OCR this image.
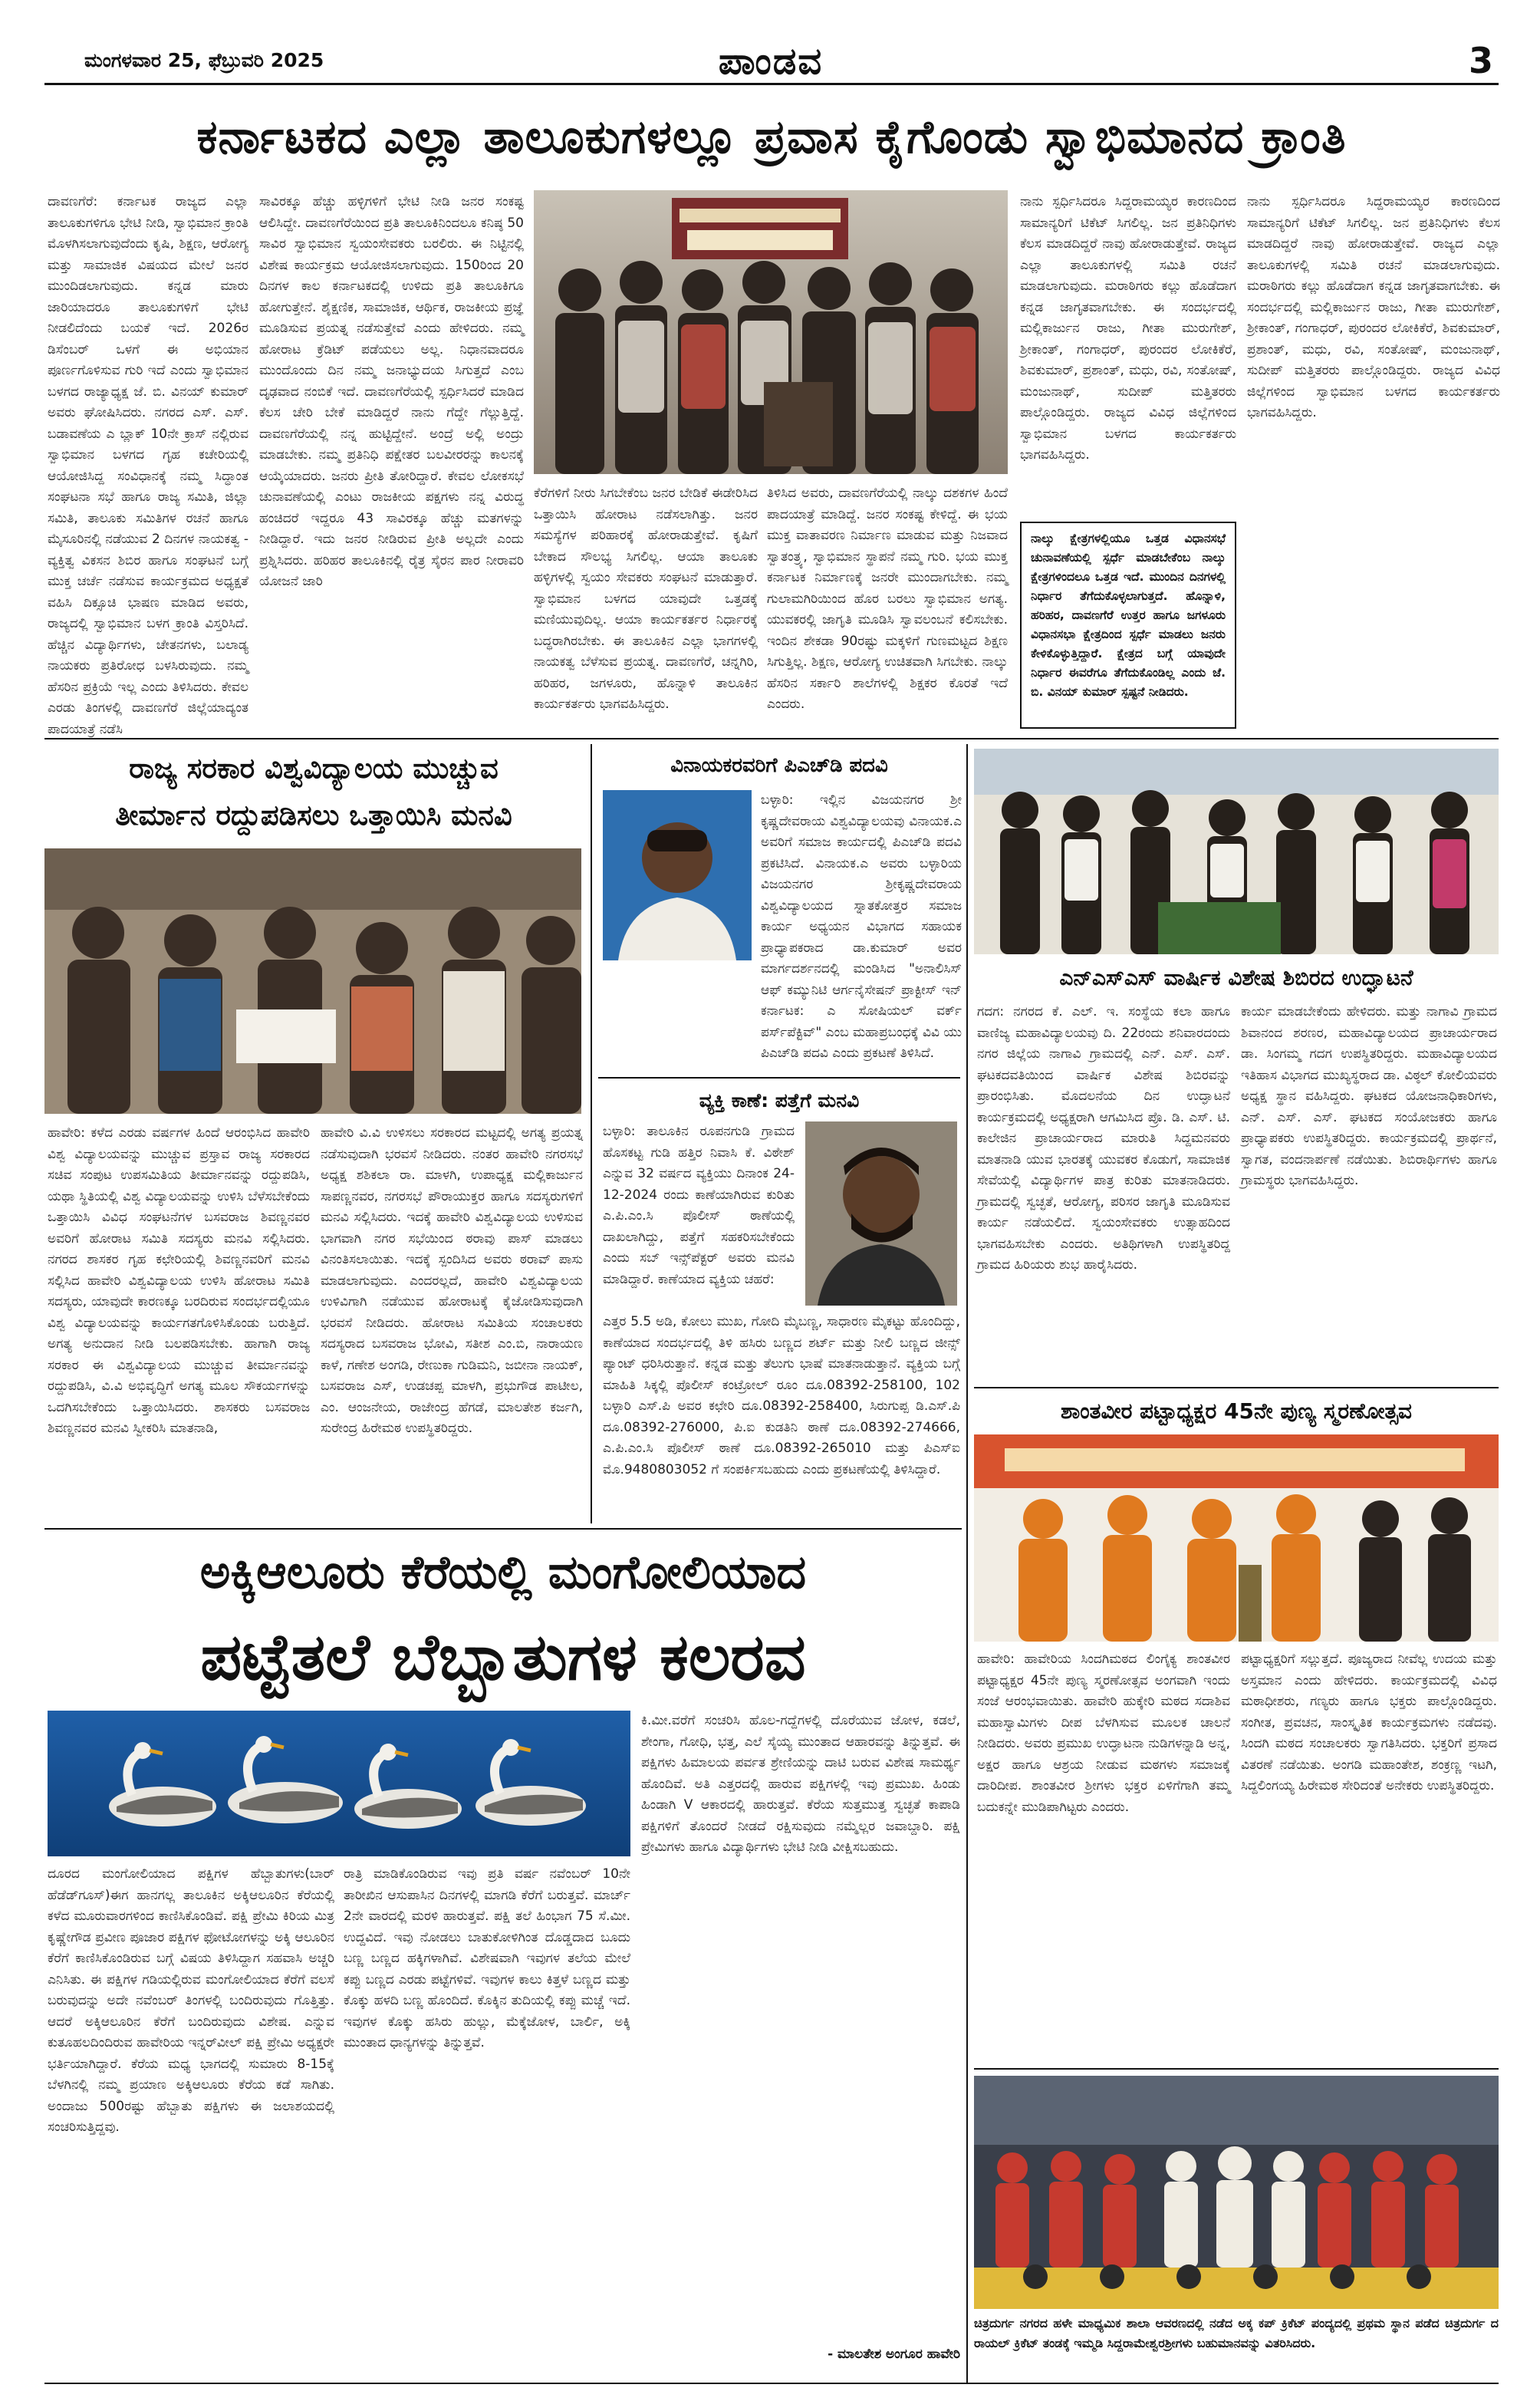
ಮಂಗಳವಾರ 25, ಫೆಬ್ರುವರಿ 2025	ಪಾಂಡವ	3
ಕರ್ನಾಟಕದ ಎಲ್ಲಾ ತಾಲೂಕುಗಳಲ್ಲೂ ಪ್ರವಾಸ ಕೈಗೊಂಡು ಸ್ವಾಭಿಮಾನದ ಕ್ರಾಂತಿ
ದಾವಣಗೆರೆ: ಕರ್ನಾಟಕ ರಾಜ್ಯದ ಎಲ್ಲಾ ತಾಲೂಕುಗಳಿಗೂ ಭೇಟಿ ನೀಡಿ, ಸ್ವಾಭಿಮಾನ ಕ್ರಾಂತಿ ಮೊಳಗಿಸಲಾಗುವುದೆಂದು ಕೃಷಿ, ಶಿಕ್ಷಣ, ಆರೋಗ್ಯ ಮತ್ತು ಸಾಮಾಜಿಕ ವಿಷಯದ ಮೇಲೆ ಜನರ ಮುಂದಿಡಲಾಗುವುದು. ಕನ್ನಡ ಮಾರು ಜಾರಿಯಾದರೂ ತಾಲೂಕುಗಳಿಗೆ ಭೇಟಿ ನೀಡಲಿದೆಂದು ಬಯಕೆ ಇದೆ. 2026ರ ಡಿಸೆಂಬರ್ ಒಳಗೆ ಈ ಅಭಿಯಾನ ಪೂರ್ಣಗೊಳಿಸುವ ಗುರಿ ಇದೆ ಎಂದು ಸ್ವಾಭಿಮಾನ ಬಳಗದ ರಾಜ್ಯಾಧ್ಯಕ್ಷ ಜೆ. ಬಿ. ವಿನಯ್ ಕುಮಾರ್ ಅವರು ಘೋಷಿಸಿದರು. ನಗರದ ಎಸ್. ಎಸ್. ಬಡಾವಣೆಯ ಎ ಬ್ಲಾಕ್ 10ನೇ ಕ್ರಾಸ್ ನಲ್ಲಿರುವ ಸ್ವಾಭಿಮಾನ ಬಳಗದ ಗೃಹ ಕಚೇರಿಯಲ್ಲಿ ಆಯೋಜಿಸಿದ್ದ ಸಂವಿಧಾನಕ್ಕೆ ನಮ್ಮ ಸಿದ್ಧಾಂತ ಸಂಘಟನಾ ಸಭೆ ಹಾಗೂ ರಾಜ್ಯ ಸಮಿತಿ, ಜಿಲ್ಲಾ ಸಮಿತಿ, ತಾಲೂಕು ಸಮಿತಿಗಳ ರಚನೆ ಹಾಗೂ ಮೈಸೂರಿನಲ್ಲಿ ನಡೆಯುವ 2 ದಿನಗಳ ನಾಯಕತ್ವ - ವ್ಯಕ್ತಿತ್ವ ವಿಕಸನ ಶಿಬಿರ ಹಾಗೂ ಸಂಘಟನೆ ಬಗ್ಗೆ ಮುಕ್ತ ಚರ್ಚೆ ನಡೆಸುವ ಕಾರ್ಯಕ್ರಮದ ಅಧ್ಯಕ್ಷತೆ ವಹಿಸಿ ದಿಕ್ಸೂಚಿ ಭಾಷಣ ಮಾಡಿದ ಅವರು, ರಾಜ್ಯದಲ್ಲಿ ಸ್ವಾಭಿಮಾನ ಬಳಗ ಕ್ರಾಂತಿ ವಿಸ್ತರಿಸಿದೆ. ಹೆಚ್ಚಿನ ವಿದ್ಯಾರ್ಥಿಗಳು, ಚೇತನಗಳು, ಬಲಾಡ್ಯ ನಾಯಕರು ಪ್ರತಿರೋಧ ಬಳಸಿರುವುದು. ನಮ್ಮ ಹೆಸರಿನ ಪ್ರಕ್ರಿಯೆ ಇಲ್ಲ ಎಂದು ತಿಳಿಸಿದರು. ಕೇವಲ ಎರಡು ತಿಂಗಳಲ್ಲಿ ದಾವಣಗೆರೆ ಜಿಲ್ಲೆಯಾದ್ಯಂತ ಪಾದಯಾತ್ರೆ ನಡೆಸಿ
ಸಾವಿರಕ್ಕೂ ಹೆಚ್ಚು ಹಳ್ಳಿಗಳಿಗೆ ಭೇಟಿ ನೀಡಿ ಜನರ ಸಂಕಷ್ಟ ಆಲಿಸಿದ್ದೇ. ದಾವಣಗೆರೆಯಿಂದ ಪ್ರತಿ ತಾಲೂಕಿನಿಂದಲೂ ಕನಿಷ್ಠ 50 ಸಾವಿರ ಸ್ವಾಭಿಮಾನ ಸ್ವಯಂಸೇವಕರು ಬರಲಿರು. ಈ ನಿಟ್ಟಿನಲ್ಲಿ ವಿಶೇಷ ಕಾರ್ಯಕ್ರಮ ಆಯೋಜಿಸಲಾಗುವುದು. 150ರಿಂದ 20 ದಿನಗಳ ಕಾಲ ಕರ್ನಾಟಕದಲ್ಲಿ ಉಳಿದು ಪ್ರತಿ ತಾಲೂಕಿಗೂ ಹೋಗುತ್ತೇನೆ. ಶೈಕ್ಷಣಿಕ, ಸಾಮಾಜಿಕ, ಆರ್ಥಿಕ, ರಾಜಕೀಯ ಪ್ರಜ್ಞೆ ಮೂಡಿಸುವ ಪ್ರಯತ್ನ ನಡೆಸುತ್ತೇವೆ ಎಂದು ಹೇಳಿದರು. ನಮ್ಮ ಹೋರಾಟ ಕ್ರೆಡಿಟ್ ಪಡೆಯಲು ಅಲ್ಲ. ನಿಧಾನವಾದರೂ ಮುಂದೊಂದು ದಿನ ನಮ್ಮ ಜನಾಭ್ಯುದಯ ಸಿಗುತ್ತದೆ ಎಂಬ ದೃಢವಾದ ನಂಬಿಕೆ ಇದೆ. ದಾವಣಗೆರೆಯಲ್ಲಿ ಸ್ಪರ್ಧಿಸಿದರೆ ಮಾಡಿದ ಕೆಲಸ ಚೇರಿ ಬೇಕೆ ಮಾಡಿದ್ದರೆ ನಾನು ಗೆದ್ದೇ ಗೆಲ್ಲುತ್ತಿದ್ದೆ. ದಾವಣಗೆರೆಯಲ್ಲಿ ನನ್ನ ಹುಟ್ಟಿದ್ದೇನೆ. ಅಂದ್ರೆ ಅಲ್ಲಿ ಅಂದ್ರು ಮಾಡಬೇಕು. ನಮ್ಮ ಪ್ರತಿನಿಧಿ ಪಕ್ಷೇತರ ಬಲವೀರರನ್ನು ಕಾಲನಕ್ಕೆ ಆಯ್ಕೆಯಾದರು. ಜನರು ಪ್ರೀತಿ ತೋರಿದ್ದಾರೆ. ಕೇವಲ ಲೋಕಸಭೆ ಚುನಾವಣೆಯಲ್ಲಿ ಎಂಟು ರಾಜಕೀಯ ಪಕ್ಷಗಳು ನನ್ನ ವಿರುದ್ಧ ಹಂಚಿದರೆ ಇದ್ದರೂ 43 ಸಾವಿರಕ್ಕೂ ಹೆಚ್ಚು ಮತಗಳನ್ನು ನೀಡಿದ್ದಾರೆ. ಇದು ಜನರ ನೀಡಿರುವ ಪ್ರೀತಿ ಅಲ್ಲದೇ ಎಂದು ಪ್ರಶ್ನಿಸಿದರು. ಹರಿಹರ ತಾಲೂಕಿನಲ್ಲಿ ರೈತ್ರ ಸೈರನ ಪಾರ ನೀರಾವರಿ ಯೋಜನೆ ಜಾರಿ
ಕೆರೆಗಳಿಗೆ ನೀರು ಸಿಗಬೇಕೆಂಬ ಜನರ ಬೇಡಿಕೆ ಈಡೇರಿಸಿದ ಒತ್ತಾಯಿಸಿ ಹೋರಾಟ ನಡೆಸಲಾಗಿತ್ತು. ಜನರ ಸಮಸ್ಯೆಗಳ ಪರಿಹಾರಕ್ಕೆ ಹೋರಾಡುತ್ತೇವೆ. ಕೃಷಿಗೆ ಬೇಕಾದ ಸೌಲಭ್ಯ ಸಿಗಲಿಲ್ಲ. ಆಯಾ ತಾಲೂಕು ಹಳ್ಳಿಗಳಲ್ಲಿ ಸ್ವಯಂ ಸೇವಕರು ಸಂಘಟನೆ ಮಾಡುತ್ತಾರೆ. ಸ್ವಾಭಿಮಾನ ಬಳಗದ ಯಾವುದೇ ಒತ್ತಡಕ್ಕೆ ಮಣಿಯುವುದಿಲ್ಲ. ಆಯಾ ಕಾರ್ಯಕರ್ತರ ನಿರ್ಧಾರಕ್ಕೆ ಬದ್ಧರಾಗಿರಬೇಕು. ಈ ತಾಲೂಕಿನ ಎಲ್ಲಾ ಭಾಗಗಳಲ್ಲಿ ನಾಯಕತ್ವ ಬೆಳೆಸುವ ಪ್ರಯತ್ನ. ದಾವಣಗೆರೆ, ಚನ್ನಗಿರಿ, ಹರಿಹರ, ಜಗಳೂರು, ಹೊನ್ನಾಳಿ ತಾಲೂಕಿನ ಕಾರ್ಯಕರ್ತರು ಭಾಗವಹಿಸಿದ್ದರು.
ತಿಳಿಸಿದ ಅವರು, ದಾವಣಗೆರೆಯಲ್ಲಿ ನಾಲ್ಕು ದಶಕಗಳ ಹಿಂದೆ ಪಾದಯಾತ್ರೆ ಮಾಡಿದ್ದೆ. ಜನರ ಸಂಕಷ್ಟ ಕೇಳಿದ್ದೆ. ಈ ಭಯ ಮುಕ್ತ ವಾತಾವರಣ ನಿರ್ಮಾಣ ಮಾಡುವ ಮತ್ತು ನಿಜವಾದ ಸ್ವಾತಂತ್ರ್ಯ, ಸ್ವಾಭಿಮಾನ ಸ್ಥಾಪನೆ ನಮ್ಮ ಗುರಿ. ಭಯ ಮುಕ್ತ ಕರ್ನಾಟಕ ನಿರ್ಮಾಣಕ್ಕೆ ಜನರೇ ಮುಂದಾಗಬೇಕು. ನಮ್ಮ ಗುಲಾಮಗಿರಿಯಿಂದ ಹೊರ ಬರಲು ಸ್ವಾಭಿಮಾನ ಅಗತ್ಯ. ಯುವಕರಲ್ಲಿ ಜಾಗೃತಿ ಮೂಡಿಸಿ ಸ್ವಾವಲಂಬನೆ ಕಲಿಸಬೇಕು. ಇಂದಿನ ಶೇಕಡಾ 90ರಷ್ಟು ಮಕ್ಕಳಿಗೆ ಗುಣಮಟ್ಟದ ಶಿಕ್ಷಣ ಸಿಗುತ್ತಿಲ್ಲ. ಶಿಕ್ಷಣ, ಆರೋಗ್ಯ ಉಚಿತವಾಗಿ ಸಿಗಬೇಕು. ನಾಲ್ಕು ಹೆಸರಿನ ಸರ್ಕಾರಿ ಶಾಲೆಗಳಲ್ಲಿ ಶಿಕ್ಷಕರ ಕೊರತೆ ಇದೆ ಎಂದರು.
ನಾನು ಸ್ಪರ್ಧಿಸಿದರೂ ಸಿದ್ದರಾಮಯ್ಯರ ಕಾರಣದಿಂದ ಸಾಮಾನ್ಯರಿಗೆ ಟಿಕೆಟ್ ಸಿಗಲಿಲ್ಲ. ಜನ ಪ್ರತಿನಿಧಿಗಳು ಕೆಲಸ ಮಾಡದಿದ್ದರೆ ನಾವು ಹೋರಾಡುತ್ತೇವೆ. ರಾಜ್ಯದ ಎಲ್ಲಾ ತಾಲೂಕುಗಳಲ್ಲಿ ಸಮಿತಿ ರಚನೆ ಮಾಡಲಾಗುವುದು. ಮರಾಠಿಗರು ಕಲ್ಲು ಹೊಡೆದಾಗ ಕನ್ನಡ ಜಾಗೃತವಾಗಬೇಕು. ಈ ಸಂದರ್ಭದಲ್ಲಿ ಮಲ್ಲಿಕಾರ್ಜುನ ರಾಜು, ಗೀತಾ ಮುರುಗೇಶ್, ಶ್ರೀಕಾಂತ್, ಗಂಗಾಧರ್, ಪುರಂದರ ಲೋಕಿಕೆರೆ, ಶಿವಕುಮಾರ್, ಪ್ರಶಾಂತ್, ಮಧು, ರವಿ, ಸಂತೋಷ್, ಮಂಜುನಾಥ್, ಸುದೀಪ್ ಮತ್ತಿತರರು ಪಾಲ್ಗೊಂಡಿದ್ದರು. ರಾಜ್ಯದ ವಿವಿಧ ಜಿಲ್ಲೆಗಳಿಂದ ಸ್ವಾಭಿಮಾನ ಬಳಗದ ಕಾರ್ಯಕರ್ತರು ಭಾಗವಹಿಸಿದ್ದರು.
ನಾನು ಸ್ಪರ್ಧಿಸಿದರೂ ಸಿದ್ದರಾಮಯ್ಯರ ಕಾರಣದಿಂದ ಸಾಮಾನ್ಯರಿಗೆ ಟಿಕೆಟ್ ಸಿಗಲಿಲ್ಲ. ಜನ ಪ್ರತಿನಿಧಿಗಳು ಕೆಲಸ ಮಾಡದಿದ್ದರೆ ನಾವು ಹೋರಾಡುತ್ತೇವೆ. ರಾಜ್ಯದ ಎಲ್ಲಾ ತಾಲೂಕುಗಳಲ್ಲಿ ಸಮಿತಿ ರಚನೆ ಮಾಡಲಾಗುವುದು. ಮರಾಠಿಗರು ಕಲ್ಲು ಹೊಡೆದಾಗ ಕನ್ನಡ ಜಾಗೃತವಾಗಬೇಕು. ಈ ಸಂದರ್ಭದಲ್ಲಿ ಮಲ್ಲಿಕಾರ್ಜುನ ರಾಜು, ಗೀತಾ ಮುರುಗೇಶ್, ಶ್ರೀಕಾಂತ್, ಗಂಗಾಧರ್, ಪುರಂದರ ಲೋಕಿಕೆರೆ, ಶಿವಕುಮಾರ್, ಪ್ರಶಾಂತ್, ಮಧು, ರವಿ, ಸಂತೋಷ್, ಮಂಜುನಾಥ್, ಸುದೀಪ್ ಮತ್ತಿತರರು ಪಾಲ್ಗೊಂಡಿದ್ದರು. ರಾಜ್ಯದ ವಿವಿಧ ಜಿಲ್ಲೆಗಳಿಂದ ಸ್ವಾಭಿಮಾನ ಬಳಗದ ಕಾರ್ಯಕರ್ತರು ಭಾಗವಹಿಸಿದ್ದರು.
ನಾಲ್ಕು ಕ್ಷೇತ್ರಗಳಲ್ಲಿಯೂ ಒತ್ತಡ ವಿಧಾನಸಭೆ ಚುನಾವಣೆಯಲ್ಲಿ ಸ್ಪರ್ಧೆ ಮಾಡಬೇಕೆಂಬ ನಾಲ್ಕು ಕ್ಷೇತ್ರಗಳಿಂದಲೂ ಒತ್ತಡ ಇದೆ. ಮುಂದಿನ ದಿನಗಳಲ್ಲಿ ನಿರ್ಧಾರ ತೆಗೆದುಕೊಳ್ಳಲಾಗುತ್ತದೆ. ಹೊನ್ನಾಳಿ, ಹರಿಹರ, ದಾವಣಗೆರೆ ಉತ್ತರ ಹಾಗೂ ಜಗಳೂರು ವಿಧಾನಸಭಾ ಕ್ಷೇತ್ರದಿಂದ ಸ್ಪರ್ಧೆ ಮಾಡಲು ಜನರು ಕೇಳಿಕೊಳ್ಳುತ್ತಿದ್ದಾರೆ. ಕ್ಷೇತ್ರದ ಬಗ್ಗೆ ಯಾವುದೇ ನಿರ್ಧಾರ ಈವರೆಗೂ ತೆಗೆದುಕೊಂಡಿಲ್ಲ ಎಂದು ಜೆ. ಬಿ. ವಿನಯ್ ಕುಮಾರ್ ಸ್ಪಷ್ಟನೆ ನೀಡಿದರು.
ರಾಜ್ಯ ಸರಕಾರ ವಿಶ್ವವಿದ್ಯಾಲಯ ಮುಚ್ಚುವ
ತೀರ್ಮಾನ ರದ್ದುಪಡಿಸಲು ಒತ್ತಾಯಿಸಿ ಮನವಿ
ಹಾವೇರಿ: ಕಳೆದ ಎರಡು ವರ್ಷಗಳ ಹಿಂದೆ ಆರಂಭಿಸಿದ ಹಾವೇರಿ ವಿಶ್ವ ವಿದ್ಯಾಲಯವನ್ನು ಮುಚ್ಚುವ ಪ್ರಸ್ತಾವ ರಾಜ್ಯ ಸರಕಾರದ ಸಚಿವ ಸಂಪುಟ ಉಪಸಮಿತಿಯ ತೀರ್ಮಾನವನ್ನು ರದ್ದುಪಡಿಸಿ, ಯಥಾ ಸ್ಥಿತಿಯಲ್ಲಿ ವಿಶ್ವ ವಿದ್ಯಾಲಯವನ್ನು ಉಳಿಸಿ ಬೆಳೆಸಬೇಕೆಂದು ಒತ್ತಾಯಿಸಿ ವಿವಿಧ ಸಂಘಟನೆಗಳ ಬಸವರಾಜ ಶಿವಣ್ಣನವರ ಅವರಿಗೆ ಹೋರಾಟ ಸಮಿತಿ ಸದಸ್ಯರು ಮನವಿ ಸಲ್ಲಿಸಿದರು. ನಗರದ ಶಾಸಕರ ಗೃಹ ಕಛೇರಿಯಲ್ಲಿ ಶಿವಣ್ಣನವರಿಗೆ ಮನವಿ ಸಲ್ಲಿಸಿದ ಹಾವೇರಿ ವಿಶ್ವವಿದ್ಯಾಲಯ ಉಳಿಸಿ ಹೋರಾಟ ಸಮಿತಿ ಸದಸ್ಯರು, ಯಾವುದೇ ಕಾರಣಕ್ಕೂ ಬರದಿರುವ ಸಂದರ್ಭದಲ್ಲಿಯೂ ವಿಶ್ವ ವಿದ್ಯಾಲಯವನ್ನು ಕಾರ್ಯಗತಗೊಳಿಸಿಕೊಂಡು ಬರುತ್ತಿದೆ. ಅಗತ್ಯ ಅನುದಾನ ನೀಡಿ ಬಲಪಡಿಸಬೇಕು. ಹಾಗಾಗಿ ರಾಜ್ಯ ಸರಕಾರ ಈ ವಿಶ್ವವಿದ್ಯಾಲಯ ಮುಚ್ಚುವ ತೀರ್ಮಾನವನ್ನು ರದ್ದುಪಡಿಸಿ, ವಿ.ವಿ ಅಭಿವೃದ್ಧಿಗೆ ಅಗತ್ಯ ಮೂಲ ಸೌಕರ್ಯಗಳನ್ನು ಒದಗಿಸಬೇಕೆಂದು ಒತ್ತಾಯಿಸಿದರು. ಶಾಸಕರು ಬಸವರಾಜ ಶಿವಣ್ಣನವರ ಮನವಿ ಸ್ವೀಕರಿಸಿ ಮಾತನಾಡಿ,
ಹಾವೇರಿ ವಿ.ವಿ ಉಳಿಸಲು ಸರಕಾರದ ಮಟ್ಟದಲ್ಲಿ ಅಗತ್ಯ ಪ್ರಯತ್ನ ನಡೆಸುವುದಾಗಿ ಭರವಸೆ ನೀಡಿದರು. ನಂತರ ಹಾವೇರಿ ನಗರಸಭೆ ಅಧ್ಯಕ್ಷ ಶಶಿಕಲಾ ರಾ. ಮಾಳಗಿ, ಉಪಾಧ್ಯಕ್ಷ ಮಲ್ಲಿಕಾರ್ಜುನ ಸಾಪಣ್ಣನವರ, ನಗರಸಭೆ ಪೌರಾಯುಕ್ತರ ಹಾಗೂ ಸದಸ್ಯರುಗಳಿಗೆ ಮನವಿ ಸಲ್ಲಿಸಿದರು. ಇದಕ್ಕೆ ಹಾವೇರಿ ವಿಶ್ವವಿದ್ಯಾಲಯ ಉಳಿಸುವ ಭಾಗವಾಗಿ ನಗರ ಸಭೆಯಿಂದ ಠರಾವು ಪಾಸ್ ಮಾಡಲು ವಿನಂತಿಸಲಾಯಿತು. ಇದಕ್ಕೆ ಸ್ಪಂದಿಸಿದ ಅವರು ಠರಾವ್ ಪಾಸು ಮಾಡಲಾಗುವುದು. ಎಂದರಲ್ಲದೆ, ಹಾವೇರಿ ವಿಶ್ವವಿದ್ಯಾಲಯ ಉಳಿವಿಗಾಗಿ ನಡೆಯುವ ಹೋರಾಟಕ್ಕೆ ಕೈಜೋಡಿಸುವುದಾಗಿ ಭರವಸೆ ನೀಡಿದರು. ಹೋರಾಟ ಸಮಿತಿಯ ಸಂಚಾಲಕರು ಸದಸ್ಯರಾದ ಬಸವರಾಜ ಭೋವಿ, ಸತೀಶ ಎಂ.ಬಿ, ನಾರಾಯಣ ಕಾಳೆ, ಗಣೇಶ ಅಂಗಡಿ, ರೇಣುಕಾ ಗುಡಿಮನಿ, ಜಬೀನಾ ನಾಯಕ್, ಬಸವರಾಜ ಎಸ್, ಉಡಚಪ್ಪ ಮಾಳಗಿ, ಪ್ರಭುಗೌಡ ಪಾಟೀಲ, ಎಂ. ಆಂಜನೇಯ, ರಾಜೇಂದ್ರ ಹೆಗಡೆ, ಮಾಲತೇಶ ಕರ್ಜಗಿ, ಸುರೇಂದ್ರ ಹಿರೇಮಠ ಉಪಸ್ಥಿತರಿದ್ದರು.
ವಿನಾಯಕರವರಿಗೆ ಪಿಎಚ್‌ಡಿ ಪದವಿ
ಬಳ್ಳಾರಿ: ಇಲ್ಲಿನ ವಿಜಯನಗರ ಶ್ರೀ ಕೃಷ್ಣದೇವರಾಯ ವಿಶ್ವವಿದ್ಯಾಲಯವು ವಿನಾಯಕ.ಎ ಅವರಿಗೆ ಸಮಾಜ ಕಾರ್ಯದಲ್ಲಿ ಪಿಎಚ್‌ಡಿ ಪದವಿ ಪ್ರಕಟಿಸಿದೆ. ವಿನಾಯಕ.ಎ ಅವರು ಬಳ್ಳಾರಿಯ ವಿಜಯನಗರ ಶ್ರೀಕೃಷ್ಣದೇವರಾಯ ವಿಶ್ವವಿದ್ಯಾಲಯದ ಸ್ನಾತಕೋತ್ತರ ಸಮಾಜ ಕಾರ್ಯ ಅಧ್ಯಯನ ವಿಭಾಗದ ಸಹಾಯಕ ಪ್ರಾಧ್ಯಾಪಕರಾದ ಡಾ.ಕುಮಾರ್ ಅವರ ಮಾರ್ಗದರ್ಶನದಲ್ಲಿ ಮಂಡಿಸಿದ "ಅನಾಲಿಸಿಸ್ ಆಫ್ ಕಮ್ಯುನಿಟಿ ಆರ್ಗನೈಸೇಷನ್ ಪ್ರಾಕ್ಟೀಸ್ ಇನ್ ಕರ್ನಾಟಕ: ಎ ಸೋಷಿಯಲ್ ವರ್ಕ್ ಪರ್ಸ್‌ಪೆಕ್ಟಿವ್" ಎಂಬ ಮಹಾಪ್ರಬಂಧಕ್ಕೆ ವಿವಿ ಯು ಪಿಎಚ್‌ಡಿ ಪದವಿ ಎಂದು ಪ್ರಕಟಣೆ ತಿಳಿಸಿದೆ.
ವ್ಯಕ್ತಿ ಕಾಣೆ: ಪತ್ತೆಗೆ ಮನವಿ
ಬಳ್ಳಾರಿ: ತಾಲೂಕಿನ ರೂಪನಗುಡಿ ಗ್ರಾಮದ ಹೊಸಕಟ್ಟ ಗುಡಿ ಹತ್ತಿರ ನಿವಾಸಿ ಕೆ. ವಿಠೇಶ್ ಎನ್ನುವ 32 ವರ್ಷದ ವ್ಯಕ್ತಿಯು ದಿನಾಂಕ 24-12-2024 ರಂದು ಕಾಣೆಯಾಗಿರುವ ಕುರಿತು ಎ.ಪಿ.ಎಂ.ಸಿ ಪೊಲೀಸ್ ಠಾಣೆಯಲ್ಲಿ ದಾಖಲಾಗಿದ್ದು, ಪತ್ತೆಗೆ ಸಹಕರಿಸಬೇಕೆಂದು ಎಂದು ಸಬ್ ಇನ್ಸ್‌ಪೆಕ್ಟರ್ ಅವರು ಮನವಿ ಮಾಡಿದ್ದಾರೆ. ಕಾಣೆಯಾದ ವ್ಯಕ್ತಿಯ ಚಹರೆ:
ಎತ್ತರ 5.5 ಅಡಿ, ಕೋಲು ಮುಖ, ಗೋದಿ ಮೈಬಣ್ಣ, ಸಾಧಾರಣ ಮೈಕಟ್ಟು ಹೊಂದಿದ್ದು, ಕಾಣೆಯಾದ ಸಂದರ್ಭದಲ್ಲಿ ತಿಳಿ ಹಸಿರು ಬಣ್ಣದ ಶರ್ಟ್ ಮತ್ತು ನೀಲಿ ಬಣ್ಣದ ಜೀನ್ಸ್ ಪ್ಯಾಂಟ್ ಧರಿಸಿರುತ್ತಾನೆ. ಕನ್ನಡ ಮತ್ತು ತೆಲುಗು ಭಾಷೆ ಮಾತನಾಡುತ್ತಾನೆ. ವ್ಯಕ್ತಿಯ ಬಗ್ಗೆ ಮಾಹಿತಿ ಸಿಕ್ಕಲ್ಲಿ ಪೊಲೀಸ್ ಕಂಟ್ರೋಲ್ ರೂಂ ದೂ.08392-258100, 102 ಬಳ್ಳಾರಿ ಎಸ್.ಪಿ ಅವರ ಕಛೇರಿ ದೂ.08392-258400, ಸಿರುಗುಪ್ಪ ಡಿ.ಎಸ್.ಪಿ ದೂ.08392-276000, ಪಿ.ಐ ಕುಡತಿನಿ ಠಾಣೆ ದೂ.08392-274666, ಎ.ಪಿ.ಎಂ.ಸಿ ಪೊಲೀಸ್ ಠಾಣೆ ದೂ.08392-265010 ಮತ್ತು ಪಿಎಸ್‌ಐ ಮೊ.9480803052 ಗೆ ಸಂಪರ್ಕಿಸಬಹುದು ಎಂದು ಪ್ರಕಟಣೆಯಲ್ಲಿ ತಿಳಿಸಿದ್ದಾರೆ.
ಎನ್‌ಎಸ್‌ಎಸ್ ವಾರ್ಷಿಕ ವಿಶೇಷ ಶಿಬಿರದ ಉದ್ಘಾಟನೆ
ಗದಗ: ನಗರದ ಕೆ. ಎಲ್. ಇ. ಸಂಸ್ಥೆಯ ಕಲಾ ಹಾಗೂ ವಾಣಿಜ್ಯ ಮಹಾವಿದ್ಯಾಲಯವು ದಿ. 22ರಂದು ಶನಿವಾರದಂದು ನಗರ ಜಿಲ್ಲೆಯ ನಾಗಾವಿ ಗ್ರಾಮದಲ್ಲಿ ಎನ್. ಎಸ್. ಎಸ್. ಘಟಕದವತಿಯಿಂದ ವಾರ್ಷಿಕ ವಿಶೇಷ ಶಿಬಿರವನ್ನು ಪ್ರಾರಂಭಿಸಿತು. ಮೊದಲನೆಯ ದಿನ ಉದ್ಘಾಟನೆ ಕಾರ್ಯಕ್ರಮದಲ್ಲಿ ಅಧ್ಯಕ್ಷರಾಗಿ ಆಗಮಿಸಿದ ಪ್ರೊ. ಡಿ. ಎಸ್. ಟಿ. ಕಾಲೇಜಿನ ಪ್ರಾಚಾರ್ಯರಾದ ಮಾರುತಿ ಸಿದ್ದಮನವರು ಮಾತನಾಡಿ ಯುವ ಭಾರತಕ್ಕೆ ಯುವಕರ ಕೊಡುಗೆ, ಸಾಮಾಜಿಕ ಸೇವೆಯಲ್ಲಿ ವಿದ್ಯಾರ್ಥಿಗಳ ಪಾತ್ರ ಕುರಿತು ಮಾತನಾಡಿದರು. ಗ್ರಾಮದಲ್ಲಿ ಸ್ವಚ್ಛತೆ, ಆರೋಗ್ಯ, ಪರಿಸರ ಜಾಗೃತಿ ಮೂಡಿಸುವ ಕಾರ್ಯ ನಡೆಯಲಿದೆ. ಸ್ವಯಂಸೇವಕರು ಉತ್ಸಾಹದಿಂದ ಭಾಗವಹಿಸಬೇಕು ಎಂದರು. ಅತಿಥಿಗಳಾಗಿ ಉಪಸ್ಥಿತರಿದ್ದ ಗ್ರಾಮದ ಹಿರಿಯರು ಶುಭ ಹಾರೈಸಿದರು.
ಕಾರ್ಯ ಮಾಡಬೇಕೆಂದು ಹೇಳಿದರು. ಮತ್ತು ನಾಗಾವಿ ಗ್ರಾಮದ ಶಿವಾನಂದ ಶರಣರ, ಮಹಾವಿದ್ಯಾಲಯದ ಪ್ರಾಚಾರ್ಯರಾದ ಡಾ. ಸಿಂಗಮ್ಮ ಗದಗ ಉಪಸ್ಥಿತರಿದ್ದರು. ಮಹಾವಿದ್ಯಾಲಯದ ಇತಿಹಾಸ ವಿಭಾಗದ ಮುಖ್ಯಸ್ಥರಾದ ಡಾ. ವಿಠ್ಠಲ್ ಕೋಲಿಯವರು ಅಧ್ಯಕ್ಷ ಸ್ಥಾನ ವಹಿಸಿದ್ದರು. ಘಟಕದ ಯೋಜನಾಧಿಕಾರಿಗಳು, ಎನ್. ಎಸ್. ಎಸ್. ಘಟಕದ ಸಂಯೋಜಕರು ಹಾಗೂ ಪ್ರಾಧ್ಯಾಪಕರು ಉಪಸ್ಥಿತರಿದ್ದರು. ಕಾರ್ಯಕ್ರಮದಲ್ಲಿ ಪ್ರಾರ್ಥನೆ, ಸ್ವಾಗತ, ವಂದನಾರ್ಪಣೆ ನಡೆಯಿತು. ಶಿಬಿರಾರ್ಥಿಗಳು ಹಾಗೂ ಗ್ರಾಮಸ್ಥರು ಭಾಗವಹಿಸಿದ್ದರು.
ಶಾಂತವೀರ ಪಟ್ಟಾಧ್ಯಕ್ಷರ 45ನೇ ಪುಣ್ಯ ಸ್ಮರಣೋತ್ಸವ
ಹಾವೇರಿ: ಹಾವೇರಿಯ ಸಿಂದಗಿಮಠದ ಲಿಂಗೈಕ್ಯ ಶಾಂತವೀರ ಪಟ್ಟಾಧ್ಯಕ್ಷರ 45ನೇ ಪುಣ್ಯ ಸ್ಮರಣೋತ್ಸವ ಅಂಗವಾಗಿ ಇಂದು ಸಂಜೆ ಆರಂಭವಾಯಿತು. ಹಾವೇರಿ ಹುಕ್ಕೇರಿ ಮಠದ ಸದಾಶಿವ ಮಹಾಸ್ವಾಮಿಗಳು ದೀಪ ಬೆಳಗಿಸುವ ಮೂಲಕ ಚಾಲನೆ ನೀಡಿದರು. ಅವರು ಪ್ರಮುಖ ಉದ್ಘಾಟನಾ ನುಡಿಗಳನ್ನಾಡಿ ಅನ್ನ, ಅಕ್ಷರ ಹಾಗೂ ಆಶ್ರಯ ನೀಡುವ ಮಠಗಳು ಸಮಾಜಕ್ಕೆ ದಾರಿದೀಪ. ಶಾಂತವೀರ ಶ್ರೀಗಳು ಭಕ್ತರ ಏಳಿಗೆಗಾಗಿ ತಮ್ಮ ಬದುಕನ್ನೇ ಮುಡಿಪಾಗಿಟ್ಟರು ಎಂದರು.
ಪಟ್ಟಾಧ್ಯಕ್ಷರಿಗೆ ಸಲ್ಲುತ್ತದೆ. ಪೂಜ್ಯರಾದ ನೀವೆಲ್ಲ ಉದಯ ಮತ್ತು ಅಸ್ತಮಾನ ಎಂದು ಹೇಳಿದರು. ಕಾರ್ಯಕ್ರಮದಲ್ಲಿ ವಿವಿಧ ಮಠಾಧೀಶರು, ಗಣ್ಯರು ಹಾಗೂ ಭಕ್ತರು ಪಾಲ್ಗೊಂಡಿದ್ದರು. ಸಂಗೀತ, ಪ್ರವಚನ, ಸಾಂಸ್ಕೃತಿಕ ಕಾರ್ಯಕ್ರಮಗಳು ನಡೆದವು. ಸಿಂದಗಿ ಮಠದ ಸಂಚಾಲಕರು ಸ್ವಾಗತಿಸಿದರು. ಭಕ್ತರಿಗೆ ಪ್ರಸಾದ ವಿತರಣೆ ನಡೆಯಿತು. ಅಂಗಡಿ ಮಹಾಂತೇಶ, ಶಂಕ್ರಣ್ಣ ಇಟಗಿ, ಸಿದ್ದಲಿಂಗಯ್ಯ ಹಿರೇಮಠ ಸೇರಿದಂತೆ ಅನೇಕರು ಉಪಸ್ಥಿತರಿದ್ದರು.
ಚಿತ್ರದುರ್ಗ ನಗರದ ಹಳೇ ಮಾಧ್ಯಮಿಕ ಶಾಲಾ ಆವರಣದಲ್ಲಿ ನಡೆದ ಅಕ್ಕ ಕಪ್ ಕ್ರಿಕೆಟ್ ಪಂದ್ಯದಲ್ಲಿ ಪ್ರಥಮ ಸ್ಥಾನ ಪಡೆದ ಚಿತ್ರದುರ್ಗ ದ ರಾಯಲ್ ಕ್ರಿಕೆಟ್ ತಂಡಕ್ಕೆ ಇಮ್ಮಡಿ ಸಿದ್ದರಾಮೇಶ್ವರಶ್ರೀಗಳು ಬಹುಮಾನವನ್ನು ವಿತರಿಸಿದರು.
ಅಕ್ಕಿಆಲೂರು ಕೆರೆಯಲ್ಲಿ ಮಂಗೋಲಿಯಾದ
ಪಟ್ಟೆತಲೆ ಬೆಬ್ಬಾತುಗಳ ಕಲರವ
ದೂರದ ಮಂಗೋಲಿಯಾದ ಪಕ್ಷಿಗಳ ಹೆಬ್ಬಾತುಗಳು(ಬಾರ್ ಹೆಡೆಡ್‌ಗೂಸ್)ಈಗ ಹಾನಗಲ್ಲ ತಾಲೂಕಿನ ಅಕ್ಕಿಆಲೂರಿನ ಕೆರೆಯಲ್ಲಿ ಕಳೆದ ಮೂರುವಾರಗಳಿಂದ ಕಾಣಿಸಿಕೊಂಡಿವೆ. ಪಕ್ಷಿ ಪ್ರೇಮಿ ಕಿರಿಯ ಮಿತ್ರ ಕೃಷ್ಣೇಗೌಡ ಪ್ರವೀಣ ಪೂಜಾರ ಪಕ್ಷಿಗಳ ಫೋಟೋಗಳನ್ನು ಅಕ್ಕಿ ಆಲೂರಿನ ಕೆರೆಗೆ ಕಾಣಿಸಿಕೊಂಡಿರುವ ಬಗ್ಗೆ ವಿಷಯ ತಿಳಿಸಿದ್ದಾಗ ಸಹವಾಸಿ ಅಚ್ಚರಿ ಎನಿಸಿತು. ಈ ಪಕ್ಷಿಗಳ ಗಡಿಯಲ್ಲಿರುವ ಮಂಗೋಲಿಯಾದ ಕೆರೆಗೆ ವಲಸೆ ಬರುವುದನ್ನು ಅದೇ ನವೆಂಬರ್ ತಿಂಗಳಲ್ಲಿ ಬಂದಿರುವುದು ಗೊತ್ತಿತ್ತು. ಆದರೆ ಅಕ್ಕಿಆಲೂರಿನ ಕೆರೆಗೆ ಬಂದಿರುವುದು ವಿಶೇಷ. ಎನ್ನುವ ಕುತೂಹಲದಿಂದಿರುವ ಹಾವೇರಿಯ ಇನ್ನರ್‌ವೀಲ್ ಪಕ್ಷಿ ಪ್ರೇಮಿ ಅಧ್ಯಕ್ಷರೇ ಭರ್ತಿಯಾಗಿದ್ದಾರೆ. ಕೆರೆಯ ಮಧ್ಯ ಭಾಗದಲ್ಲಿ ಸುಮಾರು 8-15ಕ್ಕೆ ಬೆಳಗಿನಲ್ಲಿ ನಮ್ಮ ಪ್ರಯಾಣ ಅಕ್ಕಿಆಲೂರು ಕೆರೆಯ ಕಡೆ ಸಾಗಿತು. ಅಂದಾಜು 500ರಷ್ಟು ಹೆಬ್ಬಾತು ಪಕ್ಷಿಗಳು ಈ ಜಲಾಶಯದಲ್ಲಿ ಸಂಚರಿಸುತ್ತಿದ್ದವು.
ರಾತ್ರಿ ಮಾಡಿಕೊಂಡಿರುವ ಇವು ಪ್ರತಿ ವರ್ಷ ನವೆಂಬರ್ 10ನೇ ತಾರೀಖಿನ ಆಸುಪಾಸಿನ ದಿನಗಳಲ್ಲಿ ಮಾಗಡಿ ಕೆರೆಗೆ ಬರುತ್ತವೆ. ಮಾರ್ಚ್ 2ನೇ ವಾರದಲ್ಲಿ ಮರಳಿ ಹಾರುತ್ತವೆ. ಪಕ್ಷಿ ತಲೆ ಹಿಂಭಾಗ 75 ಸೆ.ಮೀ. ಉದ್ದವಿದೆ. ಇವು ನೋಡಲು ಬಾತುಕೋಳಿಗಿಂತ ದೊಡ್ಡದಾದ ಬೂದು ಬಣ್ಣ ಬಣ್ಣದ ಹಕ್ಕಿಗಳಾಗಿವೆ. ವಿಶೇಷವಾಗಿ ಇವುಗಳ ತಲೆಯ ಮೇಲೆ ಕಪ್ಪು ಬಣ್ಣದ ಎರಡು ಪಟ್ಟೆಗಳಿವೆ. ಇವುಗಳ ಕಾಲು ಕಿತ್ತಳೆ ಬಣ್ಣದ ಮತ್ತು ಕೊಕ್ಕು ಹಳದಿ ಬಣ್ಣ ಹೊಂದಿದೆ. ಕೊಕ್ಕಿನ ತುದಿಯಲ್ಲಿ ಕಪ್ಪು ಮಚ್ಚೆ ಇದೆ. ಇವುಗಳ ಕೊಕ್ಕು ಹಸಿರು ಹುಲ್ಲು, ಮೆಕ್ಕೆಜೋಳ, ಬಾರ್ಲಿ, ಅಕ್ಕಿ ಮುಂತಾದ ಧಾನ್ಯಗಳನ್ನು ತಿನ್ನುತ್ತವೆ.
ಕಿ.ಮೀ.ವರೆಗೆ ಸಂಚರಿಸಿ ಹೊಲ-ಗದ್ದೆಗಳಲ್ಲಿ ದೊರೆಯುವ ಜೋಳ, ಕಡಲೆ, ಶೇಂಗಾ, ಗೋಧಿ, ಭತ್ತ, ಎಲೆ ಸೈಯ್ಯ ಮುಂತಾದ ಆಹಾರವನ್ನು ತಿನ್ನುತ್ತವೆ. ಈ ಪಕ್ಷಿಗಳು ಹಿಮಾಲಯ ಪರ್ವತ ಶ್ರೇಣಿಯನ್ನು ದಾಟಿ ಬರುವ ವಿಶೇಷ ಸಾಮರ್ಥ್ಯ ಹೊಂದಿವೆ. ಅತಿ ಎತ್ತರದಲ್ಲಿ ಹಾರುವ ಪಕ್ಷಿಗಳಲ್ಲಿ ಇವು ಪ್ರಮುಖ. ಹಿಂಡು ಹಿಂಡಾಗಿ V ಆಕಾರದಲ್ಲಿ ಹಾರುತ್ತವೆ. ಕೆರೆಯ ಸುತ್ತಮುತ್ತ ಸ್ವಚ್ಛತೆ ಕಾಪಾಡಿ ಪಕ್ಷಿಗಳಿಗೆ ತೊಂದರೆ ನೀಡದೆ ರಕ್ಷಿಸುವುದು ನಮ್ಮೆಲ್ಲರ ಜವಾಬ್ದಾರಿ. ಪಕ್ಷಿ ಪ್ರೇಮಿಗಳು ಹಾಗೂ ವಿದ್ಯಾರ್ಥಿಗಳು ಭೇಟಿ ನೀಡಿ ವೀಕ್ಷಿಸಬಹುದು.
- ಮಾಲತೇಶ ಅಂಗೂರ ಹಾವೇರಿ
